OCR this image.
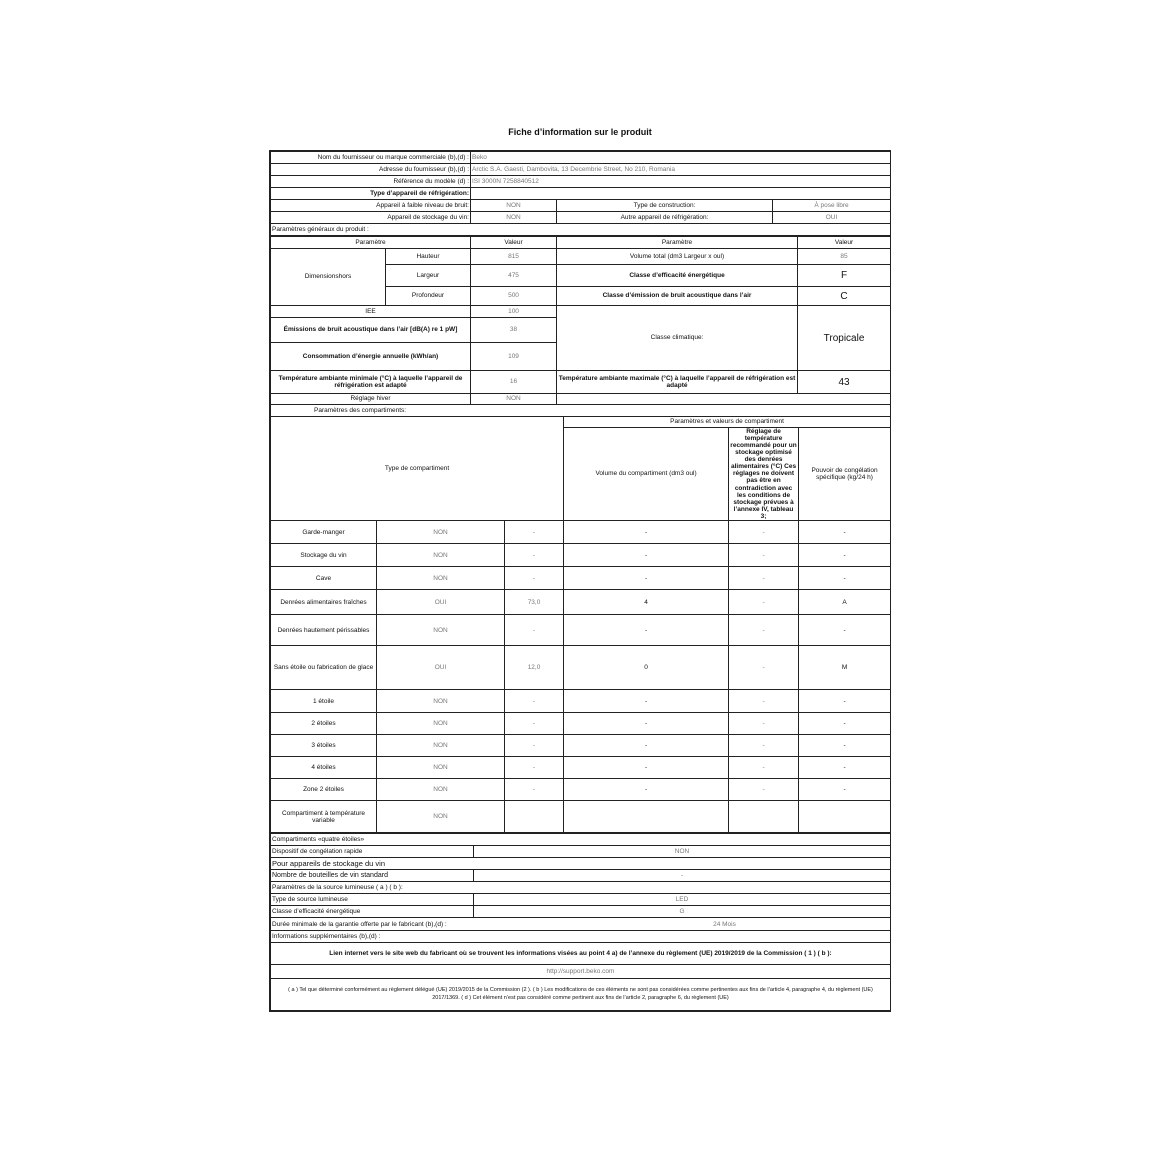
Fiche d’information sur le produit
Nom du fournisseur ou marque commerciale (b),(d) :	Beko		
Adresse du fournisseur (b),(d) :	Arctic S.A. Gaesti, Dambovita, 13 Decembrie Street, No 210, Romania		
Référence du modèle (d) :	ISI 3000N 7258840512		
Type d’appareil de réfrigération:			
Appareil à faible niveau de bruit:	NON	Type de construction:	À pose libre
Appareil de stockage du vin:	NON	Autre appareil de réfrigération:	OUI
Paramètres généraux du produit :			
Paramètre		Valeur	Paramètre	Valeur
Dimensionshors	Hauteur	815	Volume total (dm3 Largeur x oul)	85
	Largeur	475	Classe d’efficacité énergétique	F
	Profondeur	500	Classe d’émission de bruit acoustique dans l’air	C
IEE		100	Classe climatique:	Tropicale
Émissions de bruit acoustique dans l’air [dB(A) re 1 pW]		38		
Consommation d’énergie annuelle (kWh/an)		109		
Température ambiante minimale (°C) à laquelle l’appareil de réfrigération est adapté		16	Température ambiante maximale (°C) à laquelle l’appareil de réfrigération est adapté	43
Réglage hiver		NON		
Paramètres des compartiments:						
Type de compartiment			Paramètres et valeurs de compartiment			
			Volume du compartiment (dm3 oul)	Réglage de température recommandé pour un stockage optimisé des denrées alimentaires (°C) Ces réglages ne doivent pas être en contradiction avec les conditions de stockage prévues à l’annexe IV, tableau 3;	Pouvoir de congélation spécifique (kg/24 h)	
Garde-manger	NON	-	-	-	-	
Stockage du vin	NON	-	-	-	-	
Cave	NON	-	-	-	-	
Denrées alimentaires fraîches	OUI	73,0	4	-	A	
Denrées hautement périssables	NON	-	-	-	-	
Sans étoile ou fabrication de glace	OUI	12,0	0	-	M	
1 étoile	NON	-	-	-	-	
2 étoiles	NON	-	-	-	-	
3 étoiles	NON	-	-	-	-	
4 étoiles	NON	-	-	-	-	
Zone 2 étoiles	NON	-	-	-	-	
Compartiment à température variable	NON					
Compartiments «quatre étoiles»
Dispositif de congélation rapide	NON
Pour appareils de stockage du vin
Nombre de bouteilles de vin standard	-
Paramètres de la source lumineuse ( a ) ( b ):
Type de source lumineuse	LED
Classe d’efficacité énergétique	G

Durée minimale de la garantie offerte par le fabricant (b),(d) :	24 Mois

Informations supplémentaires (b),(d) :
Lien internet vers le site web du fabricant où se trouvent les informations visées au point 4 a) de l’annexe du règlement (UE) 2019/2019 de la Commission ( 1 ) ( b ):
http://support.beko.com
( a ) Tel que déterminé conformément au règlement délégué (UE) 2019/2015 de la Commission (2 ). ( b ) Les modifications de ces éléments ne sont pas considérées comme pertinentes aux fins de l’article 4, paragraphe 4, du règlement (UE) 2017/1369. ( d ) Cet élément n’est pas considéré comme pertinent aux fins de l’article 2, paragraphe 6, du règlement (UE)
